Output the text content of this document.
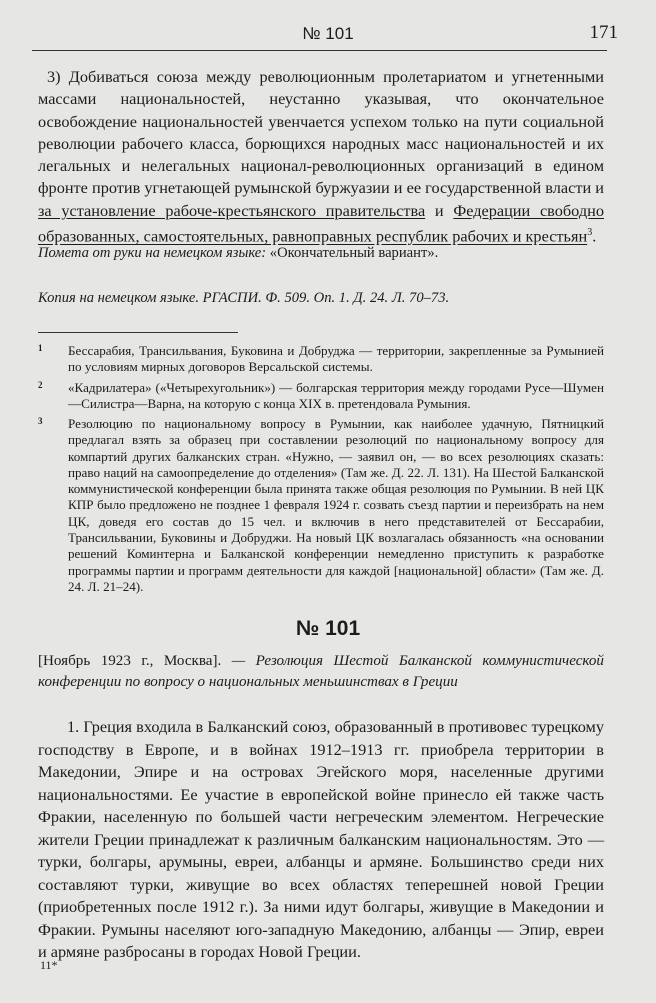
№ 101	171

3) Добиваться союза между революционным пролетариатом и угнетенными массами национальностей, неустанно указывая, что окончательное освобождение национальностей увенчается успехом только на пути социальной революции рабочего класса, борющихся народных масс национальностей и их легальных и нелегальных национал-революционных организаций в едином фронте против угнетающей румынской буржуазии и ее государственной власти и за установление рабоче-крестьянского правительства и Федерации свободно образованных, самостоятельных, равноправных республик рабочих и крестьян$^3$.

Помета от руки на немецком языке: «Окончательный вариант».

Копия на немецком языке. РГАСПИ. Ф. 509. Оп. 1. Д. 24. Л. 70–73.

1	Бессарабия, Трансильвания, Буковина и Добруджа — территории, закрепленные за Румынией по условиям мирных договоров Версальской системы.

2	«Кадрилатера» («Четырехугольник») — болгарская территория между городами Русе—Шумен—Силистра—Варна, на которую с конца XIX в. претендовала Румыния.

3	Резолюцию по национальному вопросу в Румынии, как наиболее удачную, Пятницкий предлагал взять за образец при составлении резолюций по национальному вопросу для компартий других балканских стран. «Нужно, — заявил он, — во всех резолюциях сказать: право наций на самоопределение до отделения» (Там же. Д. 22. Л. 131). На Шестой Балканской коммунистической конференции была принята также общая резолюция по Румынии. В ней ЦК КПР было предложено не позднее 1 февраля 1924 г. созвать съезд партии и переизбрать на нем ЦК, доведя его состав до 15 чел. и включив в него представителей от Бессарабии, Трансильвании, Буковины и Добруджи. На новый ЦК возлагалась обязанность «на основании решений Коминтерна и Балканской конференции немедленно приступить к разработке программы партии и программ деятельности для каждой [национальной] области» (Там же. Д. 24. Л. 21–24).

№ 101

[Ноябрь 1923 г., Москва]. — Резолюция Шестой Балканской коммунистической конференции по вопросу о национальных меньшинствах в Греции

1. Греция входила в Балканский союз, образованный в противовес турецкому господству в Европе, и в войнах 1912–1913 гг. приобрела территории в Македонии, Эпире и на островах Эгейского моря, населенные другими национальностями. Ее участие в европейской войне принесло ей также часть Фракии, населенную по большей части негреческим элементом. Негреческие жители Греции принадлежат к различным балканским национальностям. Это — турки, болгары, арумыны, евреи, албанцы и армяне. Большинство среди них составляют турки, живущие во всех областях теперешней новой Греции (приобретенных после 1912 г.). За ними идут болгары, живущие в Македонии и Фракии. Румыны населяют юго-западную Македонию, албанцы — Эпир, евреи и армяне разбросаны в городах Новой Греции.

11*
